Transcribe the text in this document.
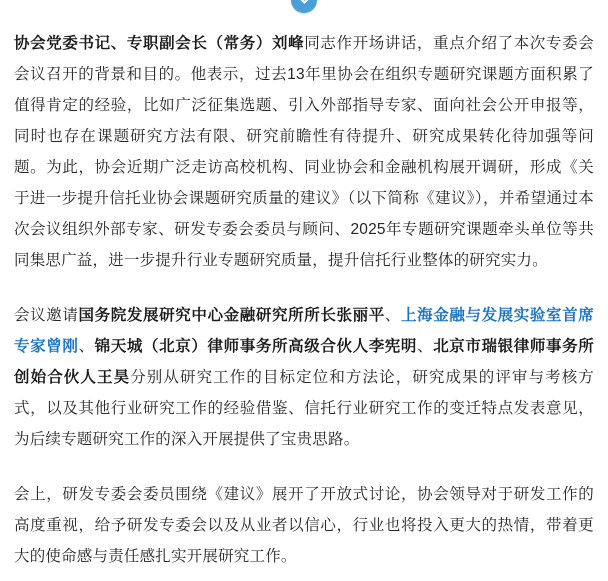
协会党委书记、专职副会长（常务）刘峰同志作开场讲话，重点介绍了本次专委会会议召开的背景和目的。他表示，过去13年里协会在组织专题研究课题方面积累了值得肯定的经验，比如广泛征集选题、引入外部指导专家、面向社会公开申报等，同时也存在课题研究方法有限、研究前瞻性有待提升、研究成果转化待加强等问题。为此，协会近期广泛走访高校机构、同业协会和金融机构展开调研，形成《关于进一步提升信托业协会课题研究质量的建议》（以下简称《建议》），并希望通过本次会议组织外部专家、研发专委会委员与顾问、2025年专题研究课题牵头单位等共同集思广益，进一步提升行业专题研究质量，提升信托行业整体的研究实力。

会议邀请国务院发展研究中心金融研究所所长张丽平、上海金融与发展实验室首席专家曾刚、锦天城（北京）律师事务所高级合伙人李宪明、北京市瑞银律师事务所创始合伙人王昊分别从研究工作的目标定位和方法论，研究成果的评审与考核方式，以及其他行业研究工作的经验借鉴、信托行业研究工作的变迁特点发表意见，为后续专题研究工作的深入开展提供了宝贵思路。

会上，研发专委会委员围绕《建议》展开了开放式讨论，协会领导对于研发工作的高度重视，给予研发专委会以及从业者以信心，行业也将投入更大的热情，带着更大的使命感与责任感扎实开展研究工作。
